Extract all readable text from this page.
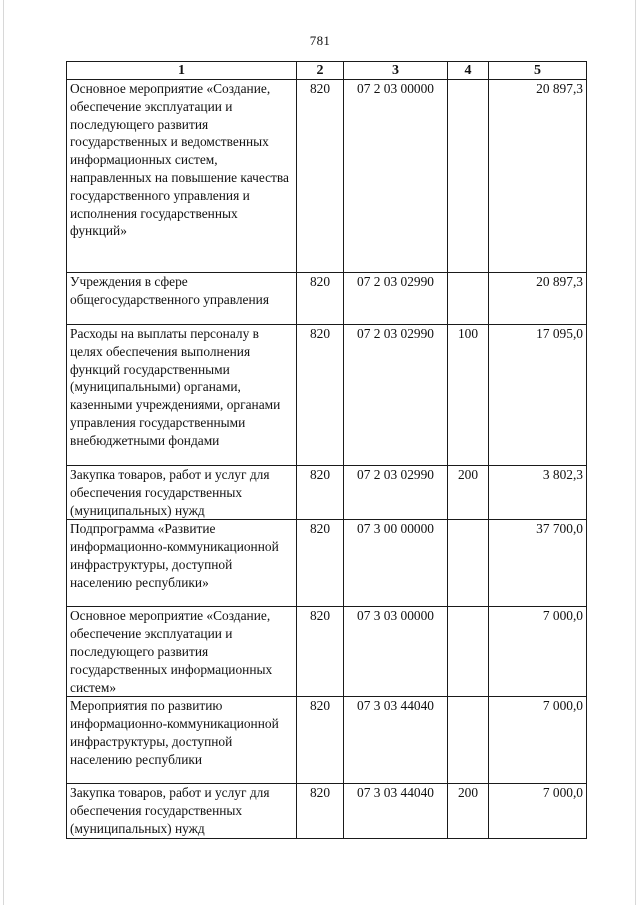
781
1	2	3	4	5
Основное мероприятие «Создание, обеспечение эксплуатации и последующего развития государственных и ведомственных информационных систем, направленных на повышение качества государственного управления и исполнения государственных функций»	820	07 2 03 00000		20 897,3
Учреждения в сфере общегосударственного управления	820	07 2 03 02990		20 897,3
Расходы на выплаты персоналу в целях обеспечения выполнения функций государственными (муниципальными) органами, казенными учреждениями, органами управления государственными внебюджетными фондами	820	07 2 03 02990	100	17 095,0
Закупка товаров, работ и услуг для обеспечения государственных (муниципальных) нужд	820	07 2 03 02990	200	3 802,3
Подпрограмма «Развитие информационно-коммуникационной инфраструктуры, доступной населению республики»	820	07 3 00 00000		37 700,0
Основное мероприятие «Создание, обеспечение эксплуатации и последующего развития государственных информационных систем»	820	07 3 03 00000		7 000,0
Мероприятия по развитию информационно-коммуникационной инфраструктуры, доступной населению республики	820	07 3 03 44040		7 000,0
Закупка товаров, работ и услуг для обеспечения государственных (муниципальных) нужд	820	07 3 03 44040	200	7 000,0
